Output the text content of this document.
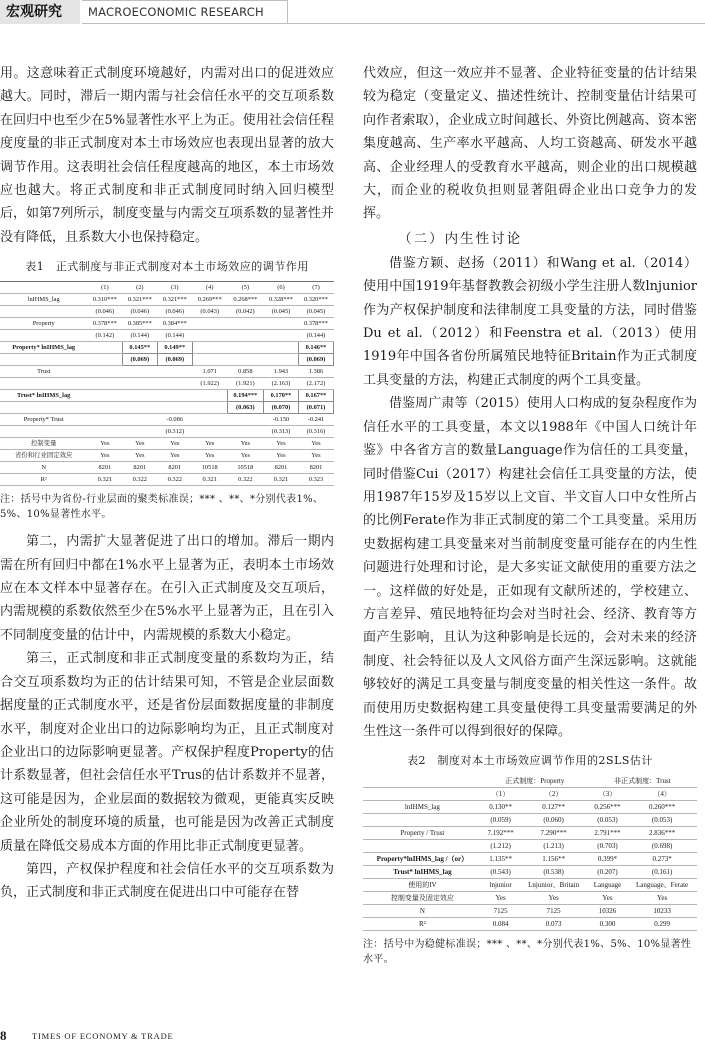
宏观研究	MACROECONOMIC RESEARCH

用。这意味着正式制度环境越好，内需对出口的促进效应越大。同时，滞后一期内需与社会信任水平的交互项系数在回归中也至少在5%显著性水平上为正。使用社会信任程度度量的非正式制度对本土市场效应也表现出显著的放大调节作用。这表明社会信任程度越高的地区，本土市场效应也越大。将正式制度和非正式制度同时纳入回归模型后，如第7列所示，制度变量与内需交互项系数的显著性并没有降低，且系数大小也保持稳定。

表1　正式制度与非正式制度对本土市场效应的调节作用
	(1)	(2)	(3)	(4)	(5)	(6)	(7)
lnIHMS_lag	0.310***	0.321***	0.321***	0.269***	0.268***	0.328***	0.320***
	(0.046)	(0.046)	(0.046)	(0.043)	(0.042)	(0.045)	(0.045)
Property	0.378***	0.385***	0.384***				0.378***
	(0.142)	(0.144)	(0.144)				(0.144)
Property* lnIHMS_lag		0.145**	0.149**				0.146**
		(0.069)	(0.069)				(0.069)
Trust				1.071	0.858	1.943	1.386
				(1.922)	(1.921)	(2.163)	(2.172)
Trust* lnIHMS_lag					0.194***	0.170**	0.167**
					(0.063)	(0.070)	(0.071)
Property* Trust			-0.086			-0.150	-0.241
			(0.312)			(0.313)	(0.316)
控制变量	Yes	Yes	Yes	Yes	Yes	Yes	Yes
省份和行业固定效应	Yes	Yes	Yes	Yes	Yes	Yes	Yes
N	8201	8201	8201	10518	10518	8201	8201
R²	0.321	0.322	0.322	0.321	0.322	0.321	0.323
注：括号中为省份-行业层面的聚类标准误；*** 、**、*分别代表1%、5%、10%显著性水平。

第二，内需扩大显著促进了出口的增加。滞后一期内需在所有回归中都在1%水平上显著为正，表明本土市场效应在本文样本中显著存在。在引入正式制度及交互项后，内需规模的系数依然至少在5%水平上显著为正，且在引入不同制度变量的估计中，内需规模的系数大小稳定。

第三，正式制度和非正式制度变量的系数均为正，结合交互项系数均为正的估计结果可知，不管是企业层面数据度量的正式制度水平，还是省份层面数据度量的非制度水平，制度对企业出口的边际影响均为正，且正式制度对企业出口的边际影响更显著。产权保护程度Property的估计系数显著，但社会信任水平Trus的估计系数并不显著，这可能是因为，企业层面的数据较为微观，更能真实反映企业所处的制度环境的质量，也可能是因为改善正式制度质量在降低交易成本方面的作用比非正式制度更显著。

第四，产权保护程度和社会信任水平的交互项系数为负，正式制度和非正式制度在促进出口中可能存在替

代效应，但这一效应并不显著、企业特征变量的估计结果较为稳定（变量定义、描述性统计、控制变量估计结果可向作者索取），企业成立时间越长、外资比例越高、资本密集度越高、生产率水平越高、人均工资越高、研发水平越高、企业经理人的受教育水平越高，则企业的出口规模越大，而企业的税收负担则显著阻碍企业出口竞争力的发挥。

（二）内生性讨论

借鉴方颖、赵扬（2011）和Wang et al.（2014）使用中国1919年基督教教会初级小学生注册人数lnjunior作为产权保护制度和法律制度工具变量的方法，同时借鉴Du et al.（2012）和Feenstra et al.（2013）使用1919年中国各省份所属殖民地特征Britain作为正式制度工具变量的方法，构建正式制度的两个工具变量。

借鉴周广肃等（2015）使用人口构成的复杂程度作为信任水平的工具变量，本文以1988年《中国人口统计年鉴》中各省方言的数量Language作为信任的工具变量，同时借鉴Cui（2017）构建社会信任工具变量的方法，使用1987年15岁及15岁以上文盲、半文盲人口中女性所占的比例Ferate作为非正式制度的第二个工具变量。采用历史数据构建工具变量来对当前制度变量可能存在的内生性问题进行处理和讨论，是大多实证文献使用的重要方法之一。这样做的好处是，正如现有文献所述的，学校建立、方言差异、殖民地特征均会对当时社会、经济、教育等方面产生影响，且认为这种影响是长远的，会对未来的经济制度、社会特征以及人文风俗方面产生深远影响。这就能够较好的满足工具变量与制度变量的相关性这一条件。故而使用历史数据构建工具变量使得工具变量需要满足的外生性这一条件可以得到很好的保障。

表2　制度对本土市场效应调节作用的2SLS估计
	正式制度：Property		非正式制度：Trust	
	（1）	（2）	（3）	（4）
lnIHMS_lag	0.130**	0.127**	0.256***	0.260***
	(0.059)	(0.060)	(0.053)	(0.053)
Property / Trust	7.192***	7.290***	2.791***	2.836***
	(1.212)	(1.213)	(0.703)	(0.698)
Property*lnIHMS_lag /（or）	1.135**	1.156**	0.399*	0.273*
Trust* lnIHMS_lag	(0.543)	(0.538)	(0.207)	(0.161)
使用的IV	lnjunior	Lnjunior、Britain	Language	Language、Ferate
控制变量及固定效应	Yes	Yes	Yes	Yes
N	7125	7125	10326	10233
R²	0.084	0.073	0.300	0.299
注：括号中为稳健标准误；*** 、**、*分别代表1%、5%、10%显著性水平。
8	TIMES OF ECONOMY & TRADE
